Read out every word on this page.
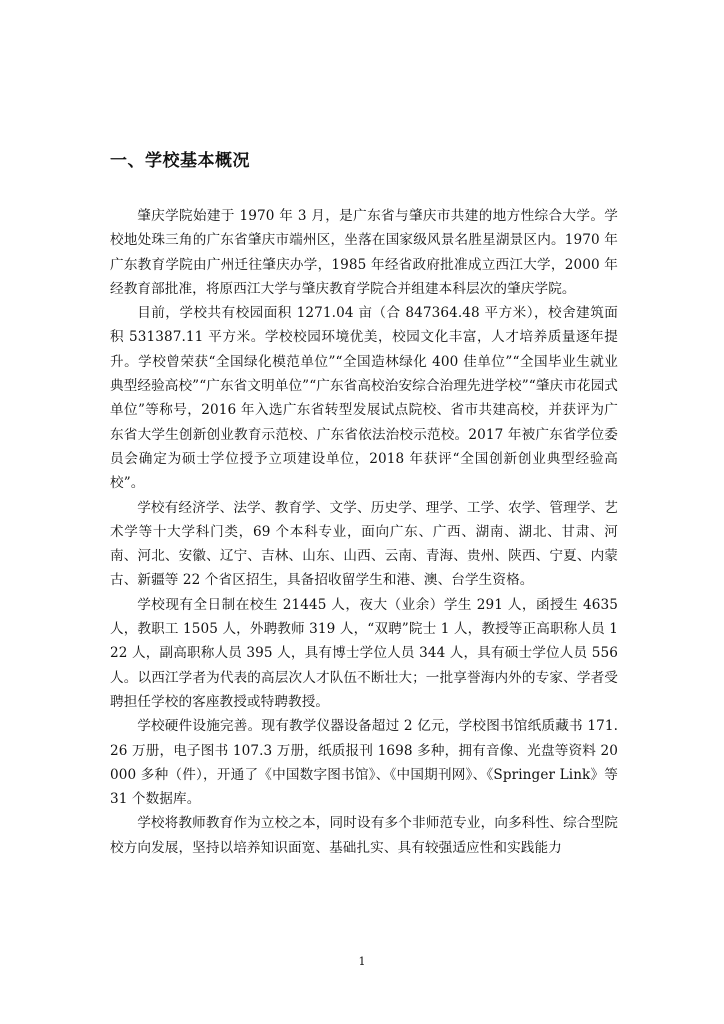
一、学校基本概况

肇庆学院始建于 1970 年 3 月，是广东省与肇庆市共建的地方性综合大学。学校地处珠三角的广东省肇庆市端州区，坐落在国家级风景名胜星湖景区内。1970 年广东教育学院由广州迁往肇庆办学，1985 年经省政府批准成立西江大学，2000 年经教育部批准，将原西江大学与肇庆教育学院合并组建本科层次的肇庆学院。

目前，学校共有校园面积 1271.04 亩（合 847364.48 平方米），校舍建筑面积 531387.11 平方米。学校校园环境优美，校园文化丰富，人才培养质量逐年提升。学校曾荣获“全国绿化模范单位”“全国造林绿化 400 佳单位”“全国毕业生就业典型经验高校”“广东省文明单位”“广东省高校治安综合治理先进学校”“肇庆市花园式单位”等称号，2016 年入选广东省转型发展试点院校、省市共建高校，并获评为广东省大学生创新创业教育示范校、广东省依法治校示范校。2017 年被广东省学位委员会确定为硕士学位授予立项建设单位，2018 年获评“全国创新创业典型经验高校”。

学校有经济学、法学、教育学、文学、历史学、理学、工学、农学、管理学、艺术学等十大学科门类，69 个本科专业，面向广东、广西、湖南、湖北、甘肃、河南、河北、安徽、辽宁、吉林、山东、山西、云南、青海、贵州、陕西、宁夏、内蒙古、新疆等 22 个省区招生，具备招收留学生和港、澳、台学生资格。

学校现有全日制在校生 21445 人，夜大（业余）学生 291 人，函授生 4635 人，教职工 1505 人，外聘教师 319 人，“双聘”院士 1 人，教授等正高职称人员 122 人，副高职称人员 395 人，具有博士学位人员 344 人，具有硕士学位人员 556 人。以西江学者为代表的高层次人才队伍不断壮大；一批享誉海内外的专家、学者受聘担任学校的客座教授或特聘教授。

学校硬件设施完善。现有教学仪器设备超过 2 亿元，学校图书馆纸质藏书 171. 26 万册，电子图书 107.3 万册，纸质报刊 1698 多种，拥有音像、光盘等资料 20000 多种（件），开通了《中国数字图书馆》、《中国期刊网》、《Springer Link》等 31 个数据库。

学校将教师教育作为立校之本，同时设有多个非师范专业，向多科性、综合型院校方向发展，坚持以培养知识面宽、基础扎实、具有较强适应性和实践能力

1
